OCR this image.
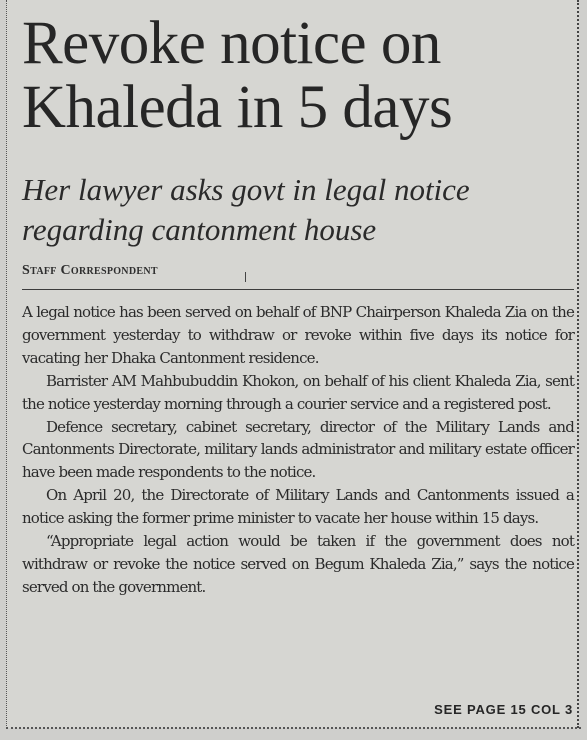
Revoke notice on Khaleda in 5 days
Her lawyer asks govt in legal notice regarding cantonment house
Staff Correspondent

A legal notice has been served on behalf of BNP Chairperson Khaleda Zia on the government yesterday to withdraw or revoke within five days its notice for vacating her Dhaka Cantonment residence.

Barrister AM Mahbubuddin Khokon, on behalf of his client Khaleda Zia, sent the notice yesterday morning through a courier service and a registered post.

Defence secretary, cabinet secretary, director of the Military Lands and Cantonments Directorate, military lands administrator and military estate officer have been made respondents to the notice.

On April 20, the Directorate of Military Lands and Cantonments issued a notice asking the former prime minister to vacate her house within 15 days.

“Appropriate legal action would be taken if the government does not withdraw or revoke the notice served on Begum Khaleda Zia,” says the notice served on the government.

SEE PAGE 15 COL 3
